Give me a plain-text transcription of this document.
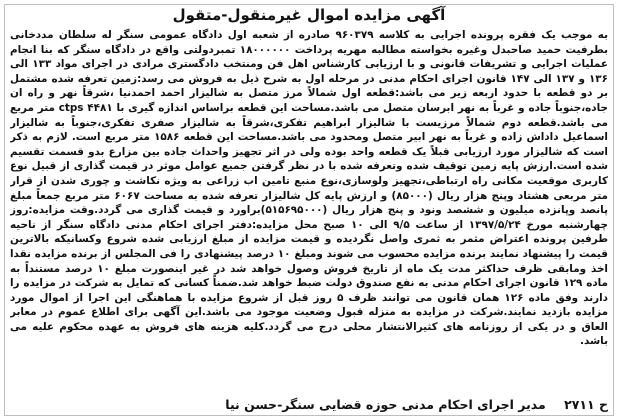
آگهی مزایده اموال غیرمنقول-متقول
به موجب یک فقره پرونده اجرایی به کلاسه ۹۶۰۳۷۹ صادره از شعبه اول دادگاه عمومی سنگر له سلطان مددخانی بطرفیت حمید صاحبدل وغیره بخواسته مطالبه مهریه پرداخت ۱۸۰۰۰۰۰۰ تمبردولتی واقع در دادگاه سنگر که بنا انجام عملیات اجرایی و تشریفات قانونی و با ارزیابی کارشناس اهل فن ومنتخب دادگستری مرادی در اجرای مواد ۱۳۳ الی ۱۳۶ و ۱۳۷ الی ۱۴۷ قانون اجرای احکام مدنی در مرحله اول به شرح ذیل به فروش می رسد:زمین تعرفه شده مشتمل بر دو قطعه با حدود اربعه زیر می باشد:قطعه اول شمالاً مرز متصل به شالیزار احمد احمدنیا ،شرقاً نهر و راه ان جاده،جنوباً جاده و غرباً به نهر ابرسان متصل می باشد.مساحت این قطعه براساس اندازه گیری با ctps ۴۴۸۱ متر مربع می باشد.قطعه دوم شمالاً مرزیست با شالیزار ابراهیم تفکری،شرقاً به شالیزار صفری تفکری،جنوباً به شالیزار اسماعیل داداش زاده و غرباً به نهر ابیر متصل ومحدود می باشد.مساحت این قطعه ۱۵۸۶ متر مربع است. لازم به ذکر است که شالیزار مورد ارزیابی قبلاً یک قطعه واحد بوده ولی در اثر تجهیز واحداث جاده بین مزارع بدو قسمت تقسیم شده است.ارزش پایه زمین توقیف شده وتعرفه شده با در نظر گرفتن جمیع عوامل موثر در قیمت گذاری از قبیل نوع کاربری موقعیت مکانی راه ارتباطی،تجهیز ولوسازی،نوع منبع تامین اب زراعی به ویژه نکاشت و چوری شدن از قرار متر مربعی هشتاد وپنج هزار ریال (۸۵۰۰۰) و ارزش پایه کل شالیزار تعرفه شده به مساحت ۶۰۶۷ متر مربع جمعاً مبلغ پانصد وپانزده میلیون و ششصد ونود و پنج هزار ریال (۵۱۵۶۹۵۰۰۰)براورد و قیمت گذاری می گردد.وقت مزایده:روز چهارشنبه مورخ ۱۳۹۷/۵/۲۴ از ساعت ۹/۵ الی ۱۰ صبح محل مزایده:دفتر اجرای احکام مدنی دادگاه سنگر از ناحیه طرفین پرونده اعتراض مثمر به ثمری واصل نگردیده و قیمت مزایده از مبلغ ارزیابی شده شروع وکسانیکه بالاترین قیمت را پیشنهاد نمایند برنده مزایده محسوب می شوند ومبلغ ۱۰ درصد پیشنهادی را فی المجلس از برنده مزایده نقدا اخذ ومابقی ظرف حداکثر مدت یک ماه از تاریخ فروش وصول خواهد شد در غیر اینصورت مبلغ ۱۰ درصد مستنداً به ماده ۱۲۹ قانون اجرای احکام مدنی به نفع صندوق دولت ضبط خواهد شد.ضمناً کسانی که تمایل به شرکت در مزایده را دارند وفق ماده ۱۲۶ همان قانون می توانند ظرف ۵ روز قبل از شروع مزایده با هماهنگی این اجرا از اموال مورد مزایده بازدید نمایند.شرکت در مزایده به منزله قبول وضعیت موجود می باشد.این آگهی برای اطلاع عموم در معابر العاق و در یکی از روزنامه های کثیرالانتشار محلی درج می گردد.کلیه هزینه های فروش به عهده محکوم علیه می باشد.
ح ۲۷۱۱ مدیر اجرای احکام مدنی حوزه قضایی سنگر-حسن نیا
